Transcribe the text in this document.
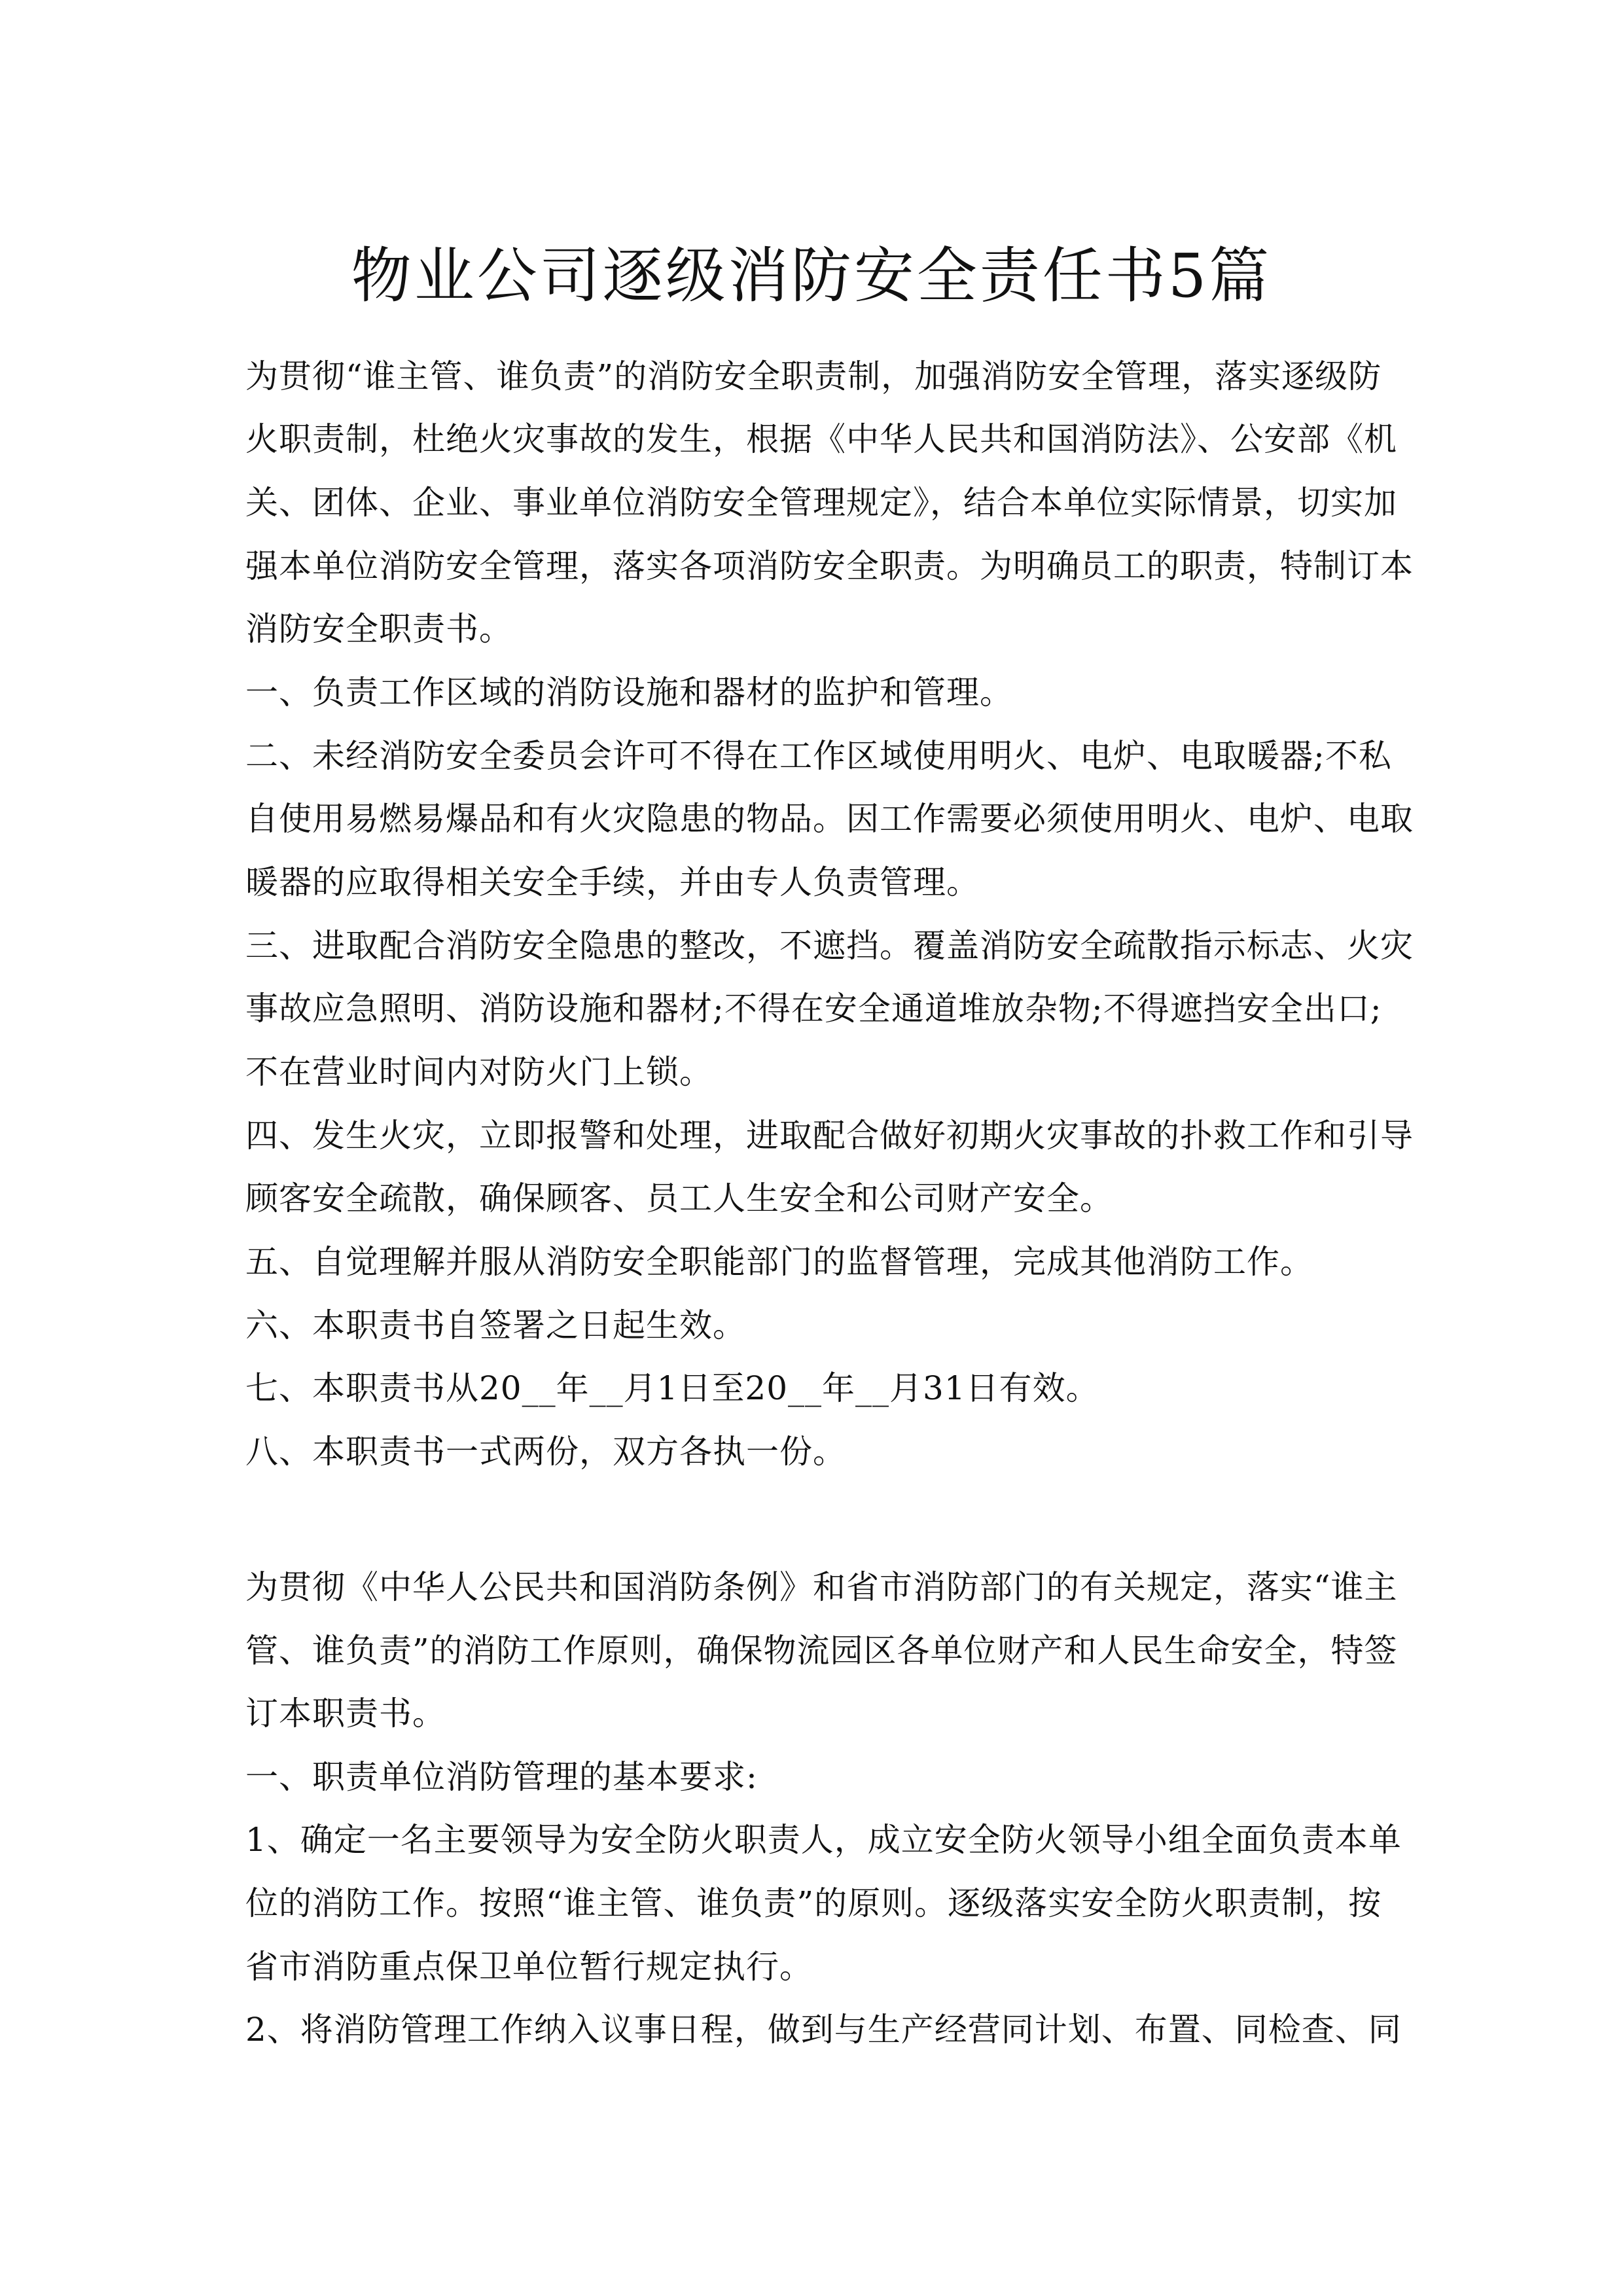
物业公司逐级消防安全责任书5篇
为贯彻“谁主管、谁负责”的消防安全职责制，加强消防安全管理，落实逐级防
火职责制，杜绝火灾事故的发生，根据《中华人民共和国消防法》、公安部《机
关、团体、企业、事业单位消防安全管理规定》，结合本单位实际情景，切实加
强本单位消防安全管理，落实各项消防安全职责。为明确员工的职责，特制订本
消防安全职责书。
一、负责工作区域的消防设施和器材的监护和管理。
二、未经消防安全委员会许可不得在工作区域使用明火、电炉、电取暖器;不私
自使用易燃易爆品和有火灾隐患的物品。因工作需要必须使用明火、电炉、电取
暖器的应取得相关安全手续，并由专人负责管理。
三、进取配合消防安全隐患的整改，不遮挡。覆盖消防安全疏散指示标志、火灾
事故应急照明、消防设施和器材;不得在安全通道堆放杂物;不得遮挡安全出口;
不在营业时间内对防火门上锁。
四、发生火灾，立即报警和处理，进取配合做好初期火灾事故的扑救工作和引导
顾客安全疏散，确保顾客、员工人生安全和公司财产安全。
五、自觉理解并服从消防安全职能部门的监督管理，完成其他消防工作。
六、本职责书自签署之日起生效。
七、本职责书从20__年__月1日至20__年__月31日有效。
八、本职责书一式两份，双方各执一份。
为贯彻《中华人公民共和国消防条例》和省市消防部门的有关规定，落实“谁主
管、谁负责”的消防工作原则，确保物流园区各单位财产和人民生命安全，特签
订本职责书。
一、职责单位消防管理的基本要求:
1、确定一名主要领导为安全防火职责人，成立安全防火领导小组全面负责本单
位的消防工作。按照“谁主管、谁负责”的原则。逐级落实安全防火职责制，按
省市消防重点保卫单位暂行规定执行。
2、将消防管理工作纳入议事日程，做到与生产经营同计划、布置、同检查、同
